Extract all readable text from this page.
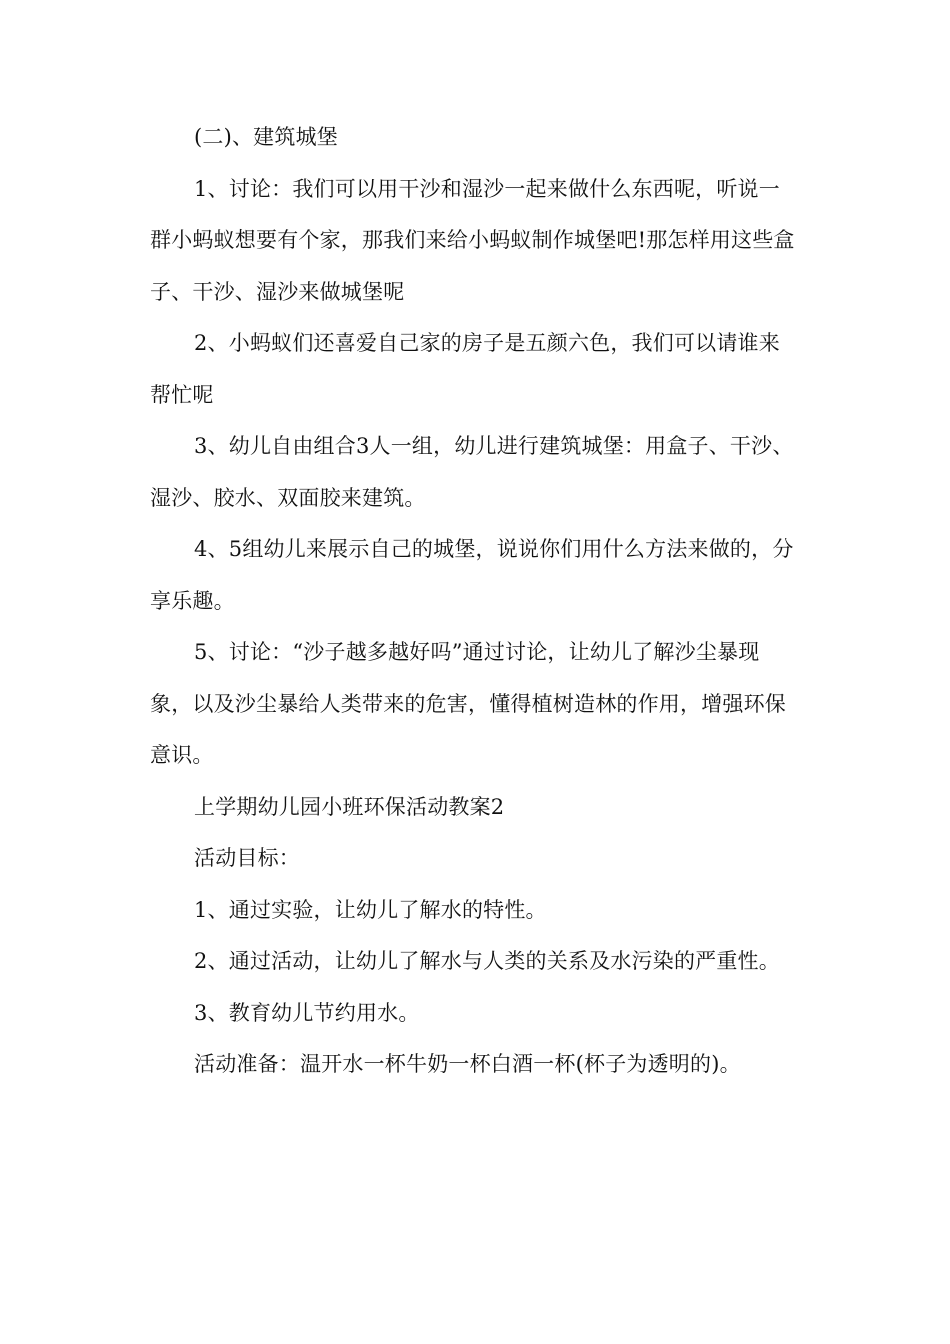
(二)、建筑城堡

1、讨论：我们可以用干沙和湿沙一起来做什么东西呢，听说一群小蚂蚁想要有个家，那我们来给小蚂蚁制作城堡吧!那怎样用这些盒子、干沙、湿沙来做城堡呢

2、小蚂蚁们还喜爱自己家的房子是五颜六色，我们可以请谁来帮忙呢

3、幼儿自由组合3人一组，幼儿进行建筑城堡：用盒子、干沙、湿沙、胶水、双面胶来建筑。

4、5组幼儿来展示自己的城堡，说说你们用什么方法来做的，分享乐趣。

5、讨论：“沙子越多越好吗”通过讨论，让幼儿了解沙尘暴现象，以及沙尘暴给人类带来的危害，懂得植树造林的作用，增强环保意识。

上学期幼儿园小班环保活动教案2

活动目标：

1、通过实验，让幼儿了解水的特性。

2、通过活动，让幼儿了解水与人类的关系及水污染的严重性。

3、教育幼儿节约用水。

活动准备：温开水一杯牛奶一杯白酒一杯(杯子为透明的)。
